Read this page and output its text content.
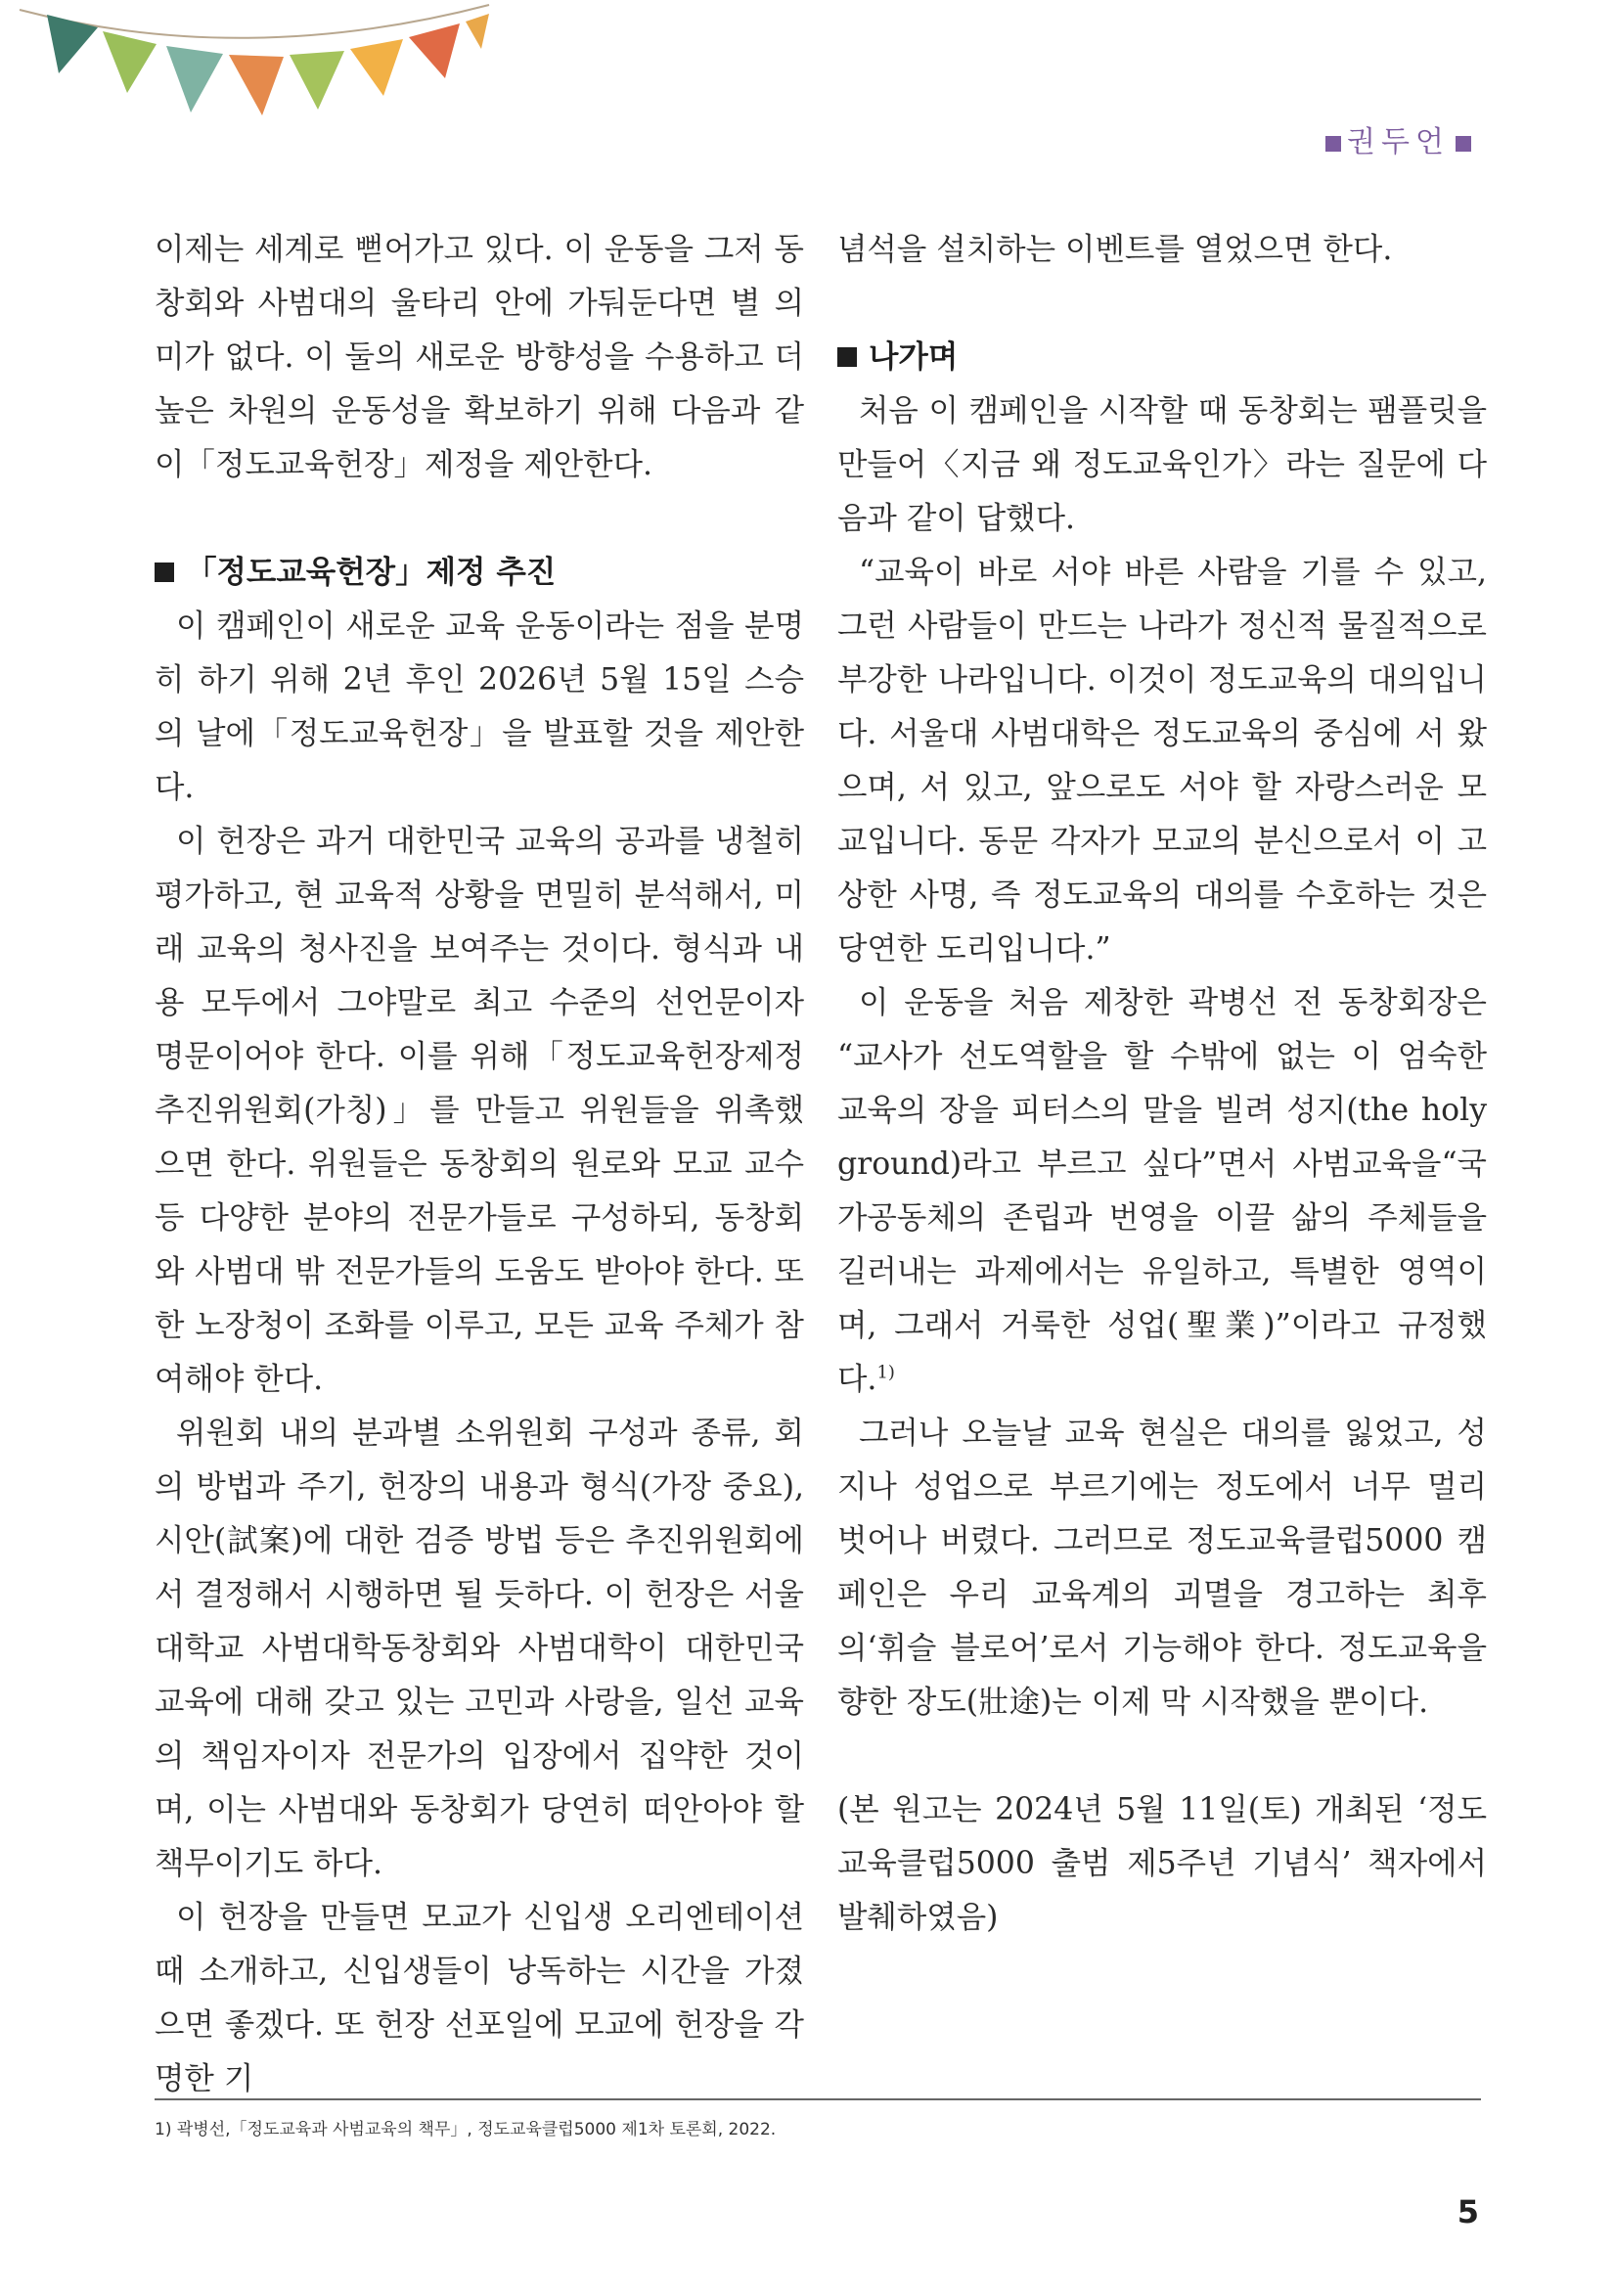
권두언

이제는 세계로 뻗어가고 있다. 이 운동을 그저 동창회와 사범대의 울타리 안에 가둬둔다면 별 의미가 없다. 이 둘의 새로운 방향성을 수용하고 더 높은 차원의 운동성을 확보하기 위해 다음과 같이「정도교육헌장」제정을 제안한다.

「정도교육헌장」제정 추진

이 캠페인이 새로운 교육 운동이라는 점을 분명히 하기 위해 2년 후인 2026년 5월 15일 스승의 날에「정도교육헌장」을 발표할 것을 제안한다.

이 헌장은 과거 대한민국 교육의 공과를 냉철히 평가하고, 현 교육적 상황을 면밀히 분석해서, 미래 교육의 청사진을 보여주는 것이다. 형식과 내용 모두에서 그야말로 최고 수준의 선언문이자 명문이어야 한다. 이를 위해「정도교육헌장제정추진위원회(가칭)」를 만들고 위원들을 위촉했으면 한다. 위원들은 동창회의 원로와 모교 교수 등 다양한 분야의 전문가들로 구성하되, 동창회와 사범대 밖 전문가들의 도움도 받아야 한다. 또한 노장청이 조화를 이루고, 모든 교육 주체가 참여해야 한다.

위원회 내의 분과별 소위원회 구성과 종류, 회의 방법과 주기, 헌장의 내용과 형식(가장 중요), 시안(試案)에 대한 검증 방법 등은 추진위원회에서 결정해서 시행하면 될 듯하다. 이 헌장은 서울대학교 사범대학동창회와 사범대학이 대한민국 교육에 대해 갖고 있는 고민과 사랑을, 일선 교육의 책임자이자 전문가의 입장에서 집약한 것이며, 이는 사범대와 동창회가 당연히 떠안아야 할 책무이기도 하다.

이 헌장을 만들면 모교가 신입생 오리엔테이션 때 소개하고, 신입생들이 낭독하는 시간을 가졌으면 좋겠다. 또 헌장 선포일에 모교에 헌장을 각명한 기

념석을 설치하는 이벤트를 열었으면 한다.

나가며

처음 이 캠페인을 시작할 때 동창회는 팸플릿을 만들어〈지금 왜 정도교육인가〉라는 질문에 다음과 같이 답했다.

“교육이 바로 서야 바른 사람을 기를 수 있고, 그런 사람들이 만드는 나라가 정신적 물질적으로 부강한 나라입니다. 이것이 정도교육의 대의입니다. 서울대 사범대학은 정도교육의 중심에 서 왔으며, 서 있고, 앞으로도 서야 할 자랑스러운 모교입니다. 동문 각자가 모교의 분신으로서 이 고상한 사명, 즉 정도교육의 대의를 수호하는 것은 당연한 도리입니다.”

이 운동을 처음 제창한 곽병선 전 동창회장은 “교사가 선도역할을 할 수밖에 없는 이 엄숙한 교육의 장을 피터스의 말을 빌려 성지(the holy ground)라고 부르고 싶다”면서 사범교육을“국가공동체의 존립과 번영을 이끌 삶의 주체들을 길러내는 과제에서는 유일하고, 특별한 영역이며, 그래서 거룩한 성업(聖業)”이라고 규정했다.$^{1)}$

그러나 오늘날 교육 현실은 대의를 잃었고, 성지나 성업으로 부르기에는 정도에서 너무 멀리 벗어나 버렸다. 그러므로 정도교육클럽5000 캠페인은 우리 교육계의 괴멸을 경고하는 최후의‘휘슬 블로어’로서 기능해야 한다. 정도교육을 향한 장도(壯途)는 이제 막 시작했을 뿐이다.

(본 원고는 2024년 5월 11일(토) 개최된 ‘정도교육클럽5000 출범 제5주년 기념식’ 책자에서 발췌하였음)

1) 곽병선,「정도교육과 사범교육의 책무」, 정도교육클럽5000 제1차 토론회, 2022.
5
